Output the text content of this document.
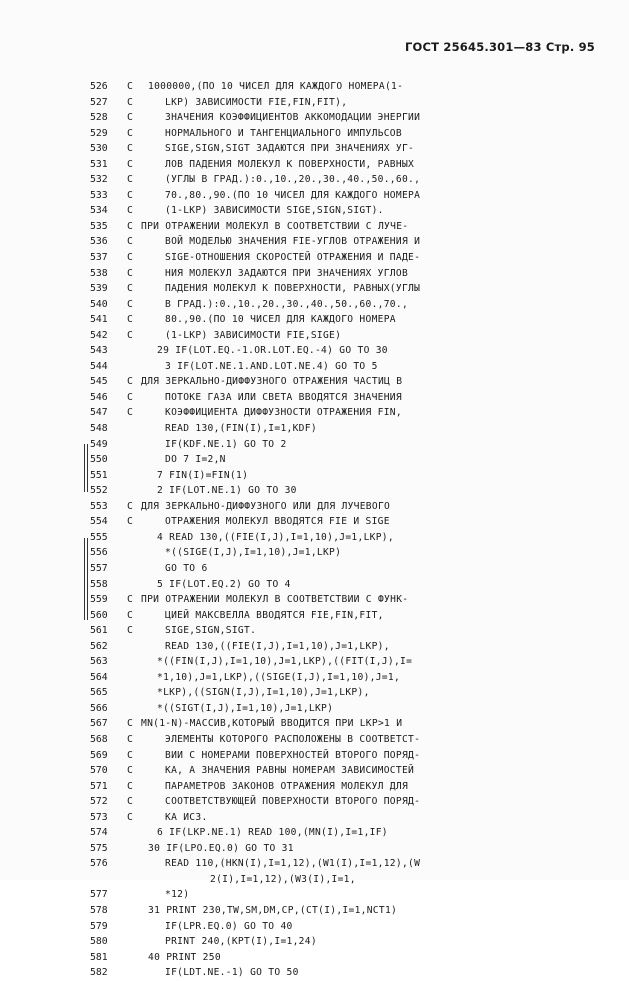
ГОСТ 25645.301—83 Стр. 95
526 C 1000000,(ПО 10 ЧИСЕЛ ДЛЯ КАЖДОГО НОМЕРА(1-
527 C	LKP) ЗАВИСИМОСТИ FIE,FIN,FIT),
528 C	ЗНАЧЕНИЯ КОЭФФИЦИЕНТОВ АККОМОДАЦИИ ЭНЕРГИИ
529 C	НОРМАЛЬНОГО И ТАНГЕНЦИАЛЬНОГО ИМПУЛЬСОВ
530 C	SIGE,SIGN,SIGT ЗАДАЮТСЯ ПРИ ЗНАЧЕНИЯХ УГ-
531 C	ЛОВ ПАДЕНИЯ МОЛЕКУЛ К ПОВЕРХНОСТИ, РАВНЫХ
532 C	(УГЛЫ В ГРАД.):0.,10.,20.,30.,40.,50.,60.,
533 C	70.,80.,90.(ПО 10 ЧИСЕЛ ДЛЯ КАЖДОГО НОМЕРА
534 C	(1-LKP) ЗАВИСИМОСТИ SIGE,SIGN,SIGT).
535 C ПРИ ОТРАЖЕНИИ МОЛЕКУЛ В СООТВЕТСТВИИ С ЛУЧЕ-
536 C	ВОЙ МОДЕЛЬЮ ЗНАЧЕНИЯ FIE-УГЛОВ ОТРАЖЕНИЯ И
537 C	SIGE-ОТНОШЕНИЯ СКОРОСТЕЙ ОТРАЖЕНИЯ И ПАДЕ-
538 C	НИЯ МОЛЕКУЛ ЗАДАЮТСЯ ПРИ ЗНАЧЕНИЯХ УГЛОВ
539 C	ПАДЕНИЯ МОЛЕКУЛ К ПОВЕРХНОСТИ, РАВНЫХ(УГЛЫ
540 C	В ГРАД.):0.,10.,20.,30.,40.,50.,60.,70.,
541 C	80.,90.(ПО 10 ЧИСЕЛ ДЛЯ КАЖДОГО НОМЕРА
542 C	(1-LKP) ЗАВИСИМОСТИ FIE,SIGE)
543	29 IF(LOT.EQ.-1.OR.LOT.EQ.-4) GO TO 30
544	3 IF(LOT.NE.1.AND.LOT.NE.4) GO TO 5
545 C ДЛЯ ЗЕРКАЛЬНО-ДИФФУЗНОГО ОТРАЖЕНИЯ ЧАСТИЦ В
546 C	ПОТОКЕ ГАЗА ИЛИ СВЕТА ВВОДЯТСЯ ЗНАЧЕНИЯ
547 C	КОЭФФИЦИЕНТА ДИФФУЗНОСТИ ОТРАЖЕНИЯ FIN,
548	READ 130,(FIN(I),I=1,KDF)
549	IF(KDF.NE.1) GO TO 2
550	DO 7 I=2,N
551	7 FIN(I)=FIN(1)
552	2 IF(LOT.NE.1) GO TO 30
553 C ДЛЯ ЗЕРКАЛЬНО-ДИФФУЗНОГО ИЛИ ДЛЯ ЛУЧЕВОГО
554 C	ОТРАЖЕНИЯ МОЛЕКУЛ ВВОДЯТСЯ FIE И SIGE
555	4 READ 130,((FIE(I,J),I=1,10),J=1,LKP),
556	*((SIGE(I,J),I=1,10),J=1,LKP)
557	GO TO 6
558	5 IF(LOT.EQ.2) GO TO 4
559 C ПРИ ОТРАЖЕНИИ МОЛЕКУЛ В СООТВЕТСТВИИ С ФУНК-
560 C	ЦИЕЙ МАКСВЕЛЛА ВВОДЯТСЯ FIE,FIN,FIT,
561 C	SIGE,SIGN,SIGT.
562	READ 130,((FIE(I,J),I=1,10),J=1,LKP),
563	*((FIN(I,J),I=1,10),J=1,LKP),((FIT(I,J),I=
564	*1,10),J=1,LKP),((SIGE(I,J),I=1,10),J=1,
565	*LKP),((SIGN(I,J),I=1,10),J=1,LKP),
566	*((SIGT(I,J),I=1,10),J=1,LKP)
567 C MN(1-N)-МАССИВ,КОТОРЫЙ ВВОДИТСЯ ПРИ LKP>1 И
568 C	ЭЛЕМЕНТЫ КОТОРОГО РАСПОЛОЖЕНЫ В СООТВЕТСТ-
569 C	ВИИ С НОМЕРАМИ ПОВЕРХНОСТЕЙ ВТОРОГО ПОРЯД-
570 C	КА, А ЗНАЧЕНИЯ РАВНЫ НОМЕРАМ ЗАВИСИМОСТЕЙ
571 C	ПАРАМЕТРОВ ЗАКОНОВ ОТРАЖЕНИЯ МОЛЕКУЛ ДЛЯ
572 C	СООТВЕТСТВУЮЩЕЙ ПОВЕРХНОСТИ ВТОРОГО ПОРЯД-
573 C	КА ИСЗ.
574	6 IF(LKP.NE.1) READ 100,(MN(I),I=1,IF)
575	30 IF(LPO.EQ.0) GO TO 31
576	READ 110,(HKN(I),I=1,12),(W1(I),I=1,12),(W
2(I),I=1,12),(W3(I),I=1,
577	*12)
578	31 PRINT 230,TW,SM,DM,CP,(CT(I),I=1,NCT1)
579	IF(LPR.EQ.0) GO TO 40
580	PRINT 240,(KPT(I),I=1,24)
581	40 PRINT 250
582	IF(LDT.NE.-1) GO TO 50
